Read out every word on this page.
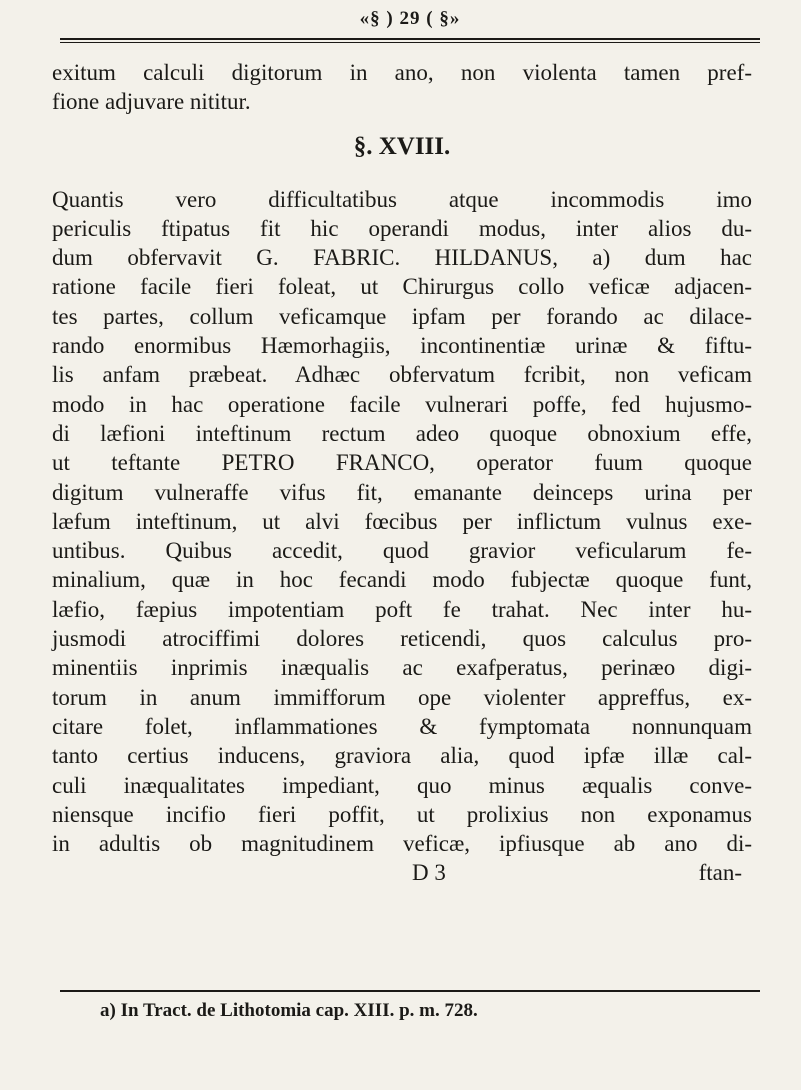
«§ ) 29 ( §»
exitum calculi digitorum in ano, non violenta tamen pref-
fione adjuvare nititur.
§. XVIII.
Quantis vero difficultatibus atque incommodis imo
periculis ftipatus fit hic operandi modus, inter alios du-
dum obfervavit G. FABRIC. HILDANUS, a) dum hac
ratione facile fieri foleat, ut Chirurgus collo veficæ adjacen-
tes partes, collum veficamque ipfam per forando ac dilace-
rando enormibus Hæmorhagiis, incontinentiæ urinæ & fiftu-
lis anfam præbeat. Adhæc obfervatum fcribit, non veficam
modo in hac operatione facile vulnerari poffe, fed hujusmo-
di læfioni inteftinum rectum adeo quoque obnoxium effe,
ut teftante PETRO FRANCO, operator fuum quoque
digitum vulneraffe vifus fit, emanante deinceps urina per
læfum inteftinum, ut alvi fœcibus per inflictum vulnus exe-
untibus. Quibus accedit, quod gravior veficularum fe-
minalium, quæ in hoc fecandi modo fubjectæ quoque funt,
læfio, fæpius impotentiam poft fe trahat. Nec inter hu-
jusmodi atrociffimi dolores reticendi, quos calculus pro-
minentiis inprimis inæqualis ac exafperatus, perinæo digi-
torum in anum immifforum ope violenter appreffus, ex-
citare folet, inflammationes & fymptomata nonnunquam
tanto certius inducens, graviora alia, quod ipfæ illæ cal-
culi inæqualitates impediant, quo minus æqualis conve-
niensque incifio fieri poffit, ut prolixius non exponamus
in adultis ob magnitudinem veficæ, ipfiusque ab ano di-
D 3	ftan-
a) In Tract. de Lithotomia cap. XIII. p. m. 728.
